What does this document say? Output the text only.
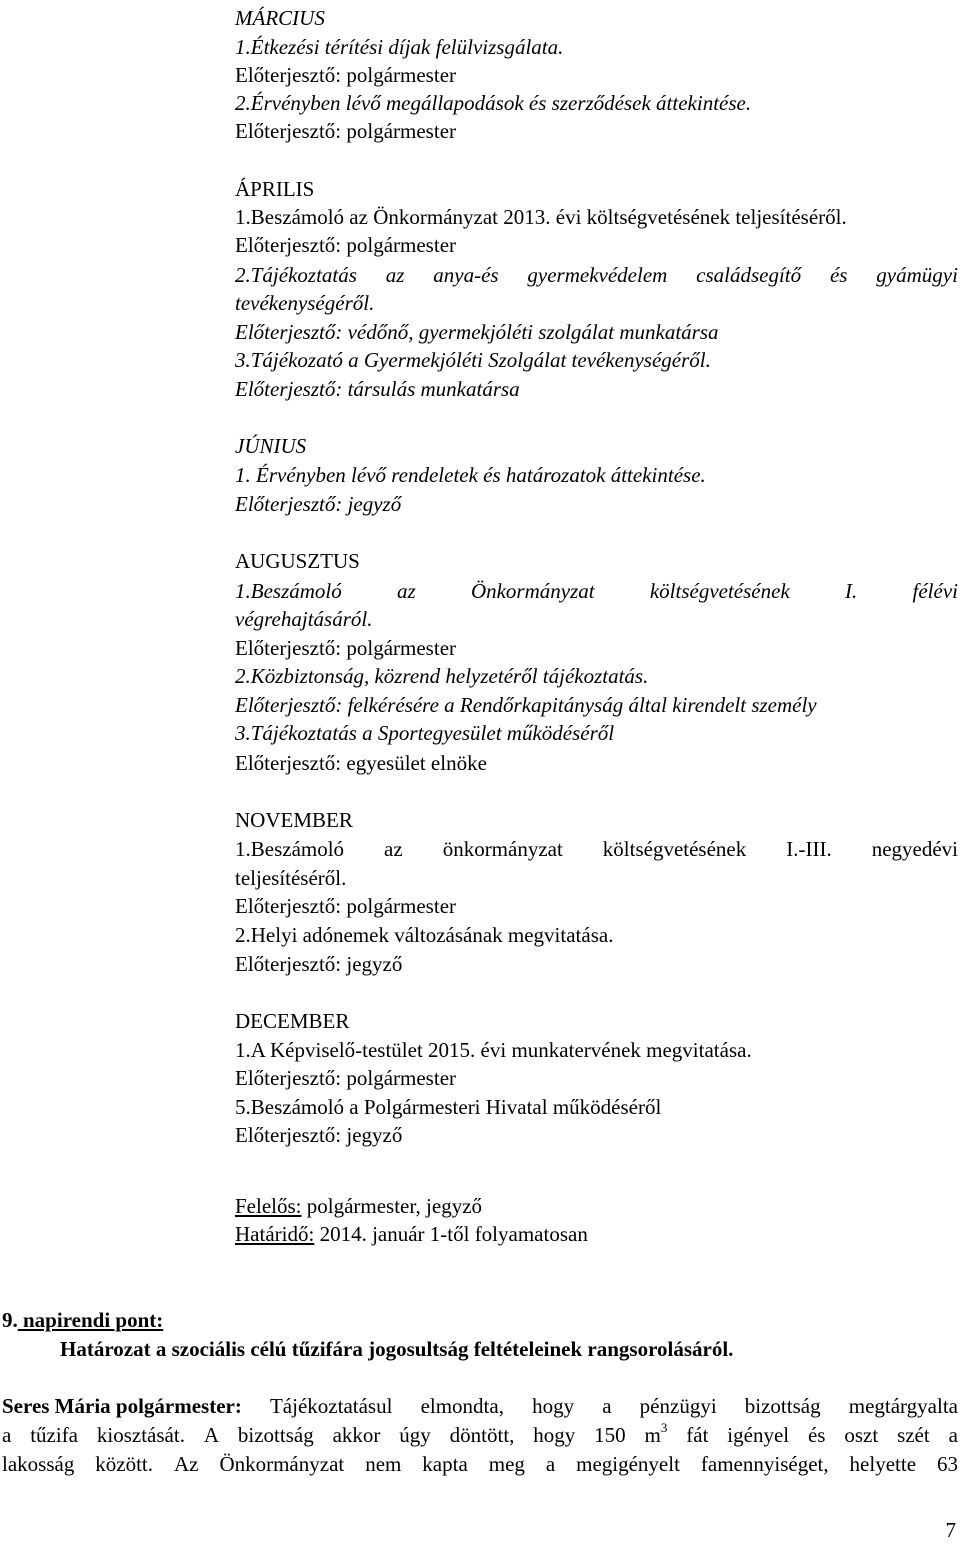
MÁRCIUS
1.Étkezési térítési díjak felülvizsgálata.
Előterjesztő: polgármester
2.Érvényben lévő megállapodások és szerződések áttekintése.
Előterjesztő: polgármester
ÁPRILIS
1.Beszámoló az Önkormányzat 2013. évi költségvetésének teljesítéséről.
Előterjesztő: polgármester
2.Tájékoztatás az anya-és gyermekvédelem családsegítő és gyámügyi
tevékenységéről.
Előterjesztő: védőnő, gyermekjóléti szolgálat munkatársa
3.Tájékozató a Gyermekjóléti Szolgálat tevékenységéről.
Előterjesztő: társulás munkatársa
JÚNIUS
1. Érvényben lévő rendeletek és határozatok áttekintése.
Előterjesztő: jegyző
AUGUSZTUS
1.Beszámoló	az	Önkormányzat	költségvetésének	I.	félévi
végrehajtásáról.
Előterjesztő: polgármester
2.Közbiztonság, közrend helyzetéről tájékoztatás.
Előterjesztő: felkérésére a Rendőrkapitányság által kirendelt személy
3.Tájékoztatás a Sportegyesület működéséről
Előterjesztő: egyesület elnöke
NOVEMBER
1.Beszámoló az önkormányzat költségvetésének I.-III. negyedévi
teljesítéséről.
Előterjesztő: polgármester
2.Helyi adónemek változásának megvitatása.
Előterjesztő: jegyző
DECEMBER
1.A Képviselő-testület 2015. évi munkatervének megvitatása.
Előterjesztő: polgármester
5.Beszámoló a Polgármesteri Hivatal működéséről
Előterjesztő: jegyző
Felelős: polgármester, jegyző
Határidő: 2014. január 1-től folyamatosan
9. napirendi pont:
Határozat a szociális célú tűzifára jogosultság feltételeinek rangsorolásáról.
Seres Mária polgármester: Tájékoztatásul elmondta, hogy a pénzügyi bizottság megtárgyalta
a tűzifa kiosztását. A bizottság akkor úgy döntött, hogy 150 $m^3$ fát igényel és oszt szét a
lakosság között. Az Önkormányzat nem kapta meg a megigényelt famennyiséget, helyette 63
7
